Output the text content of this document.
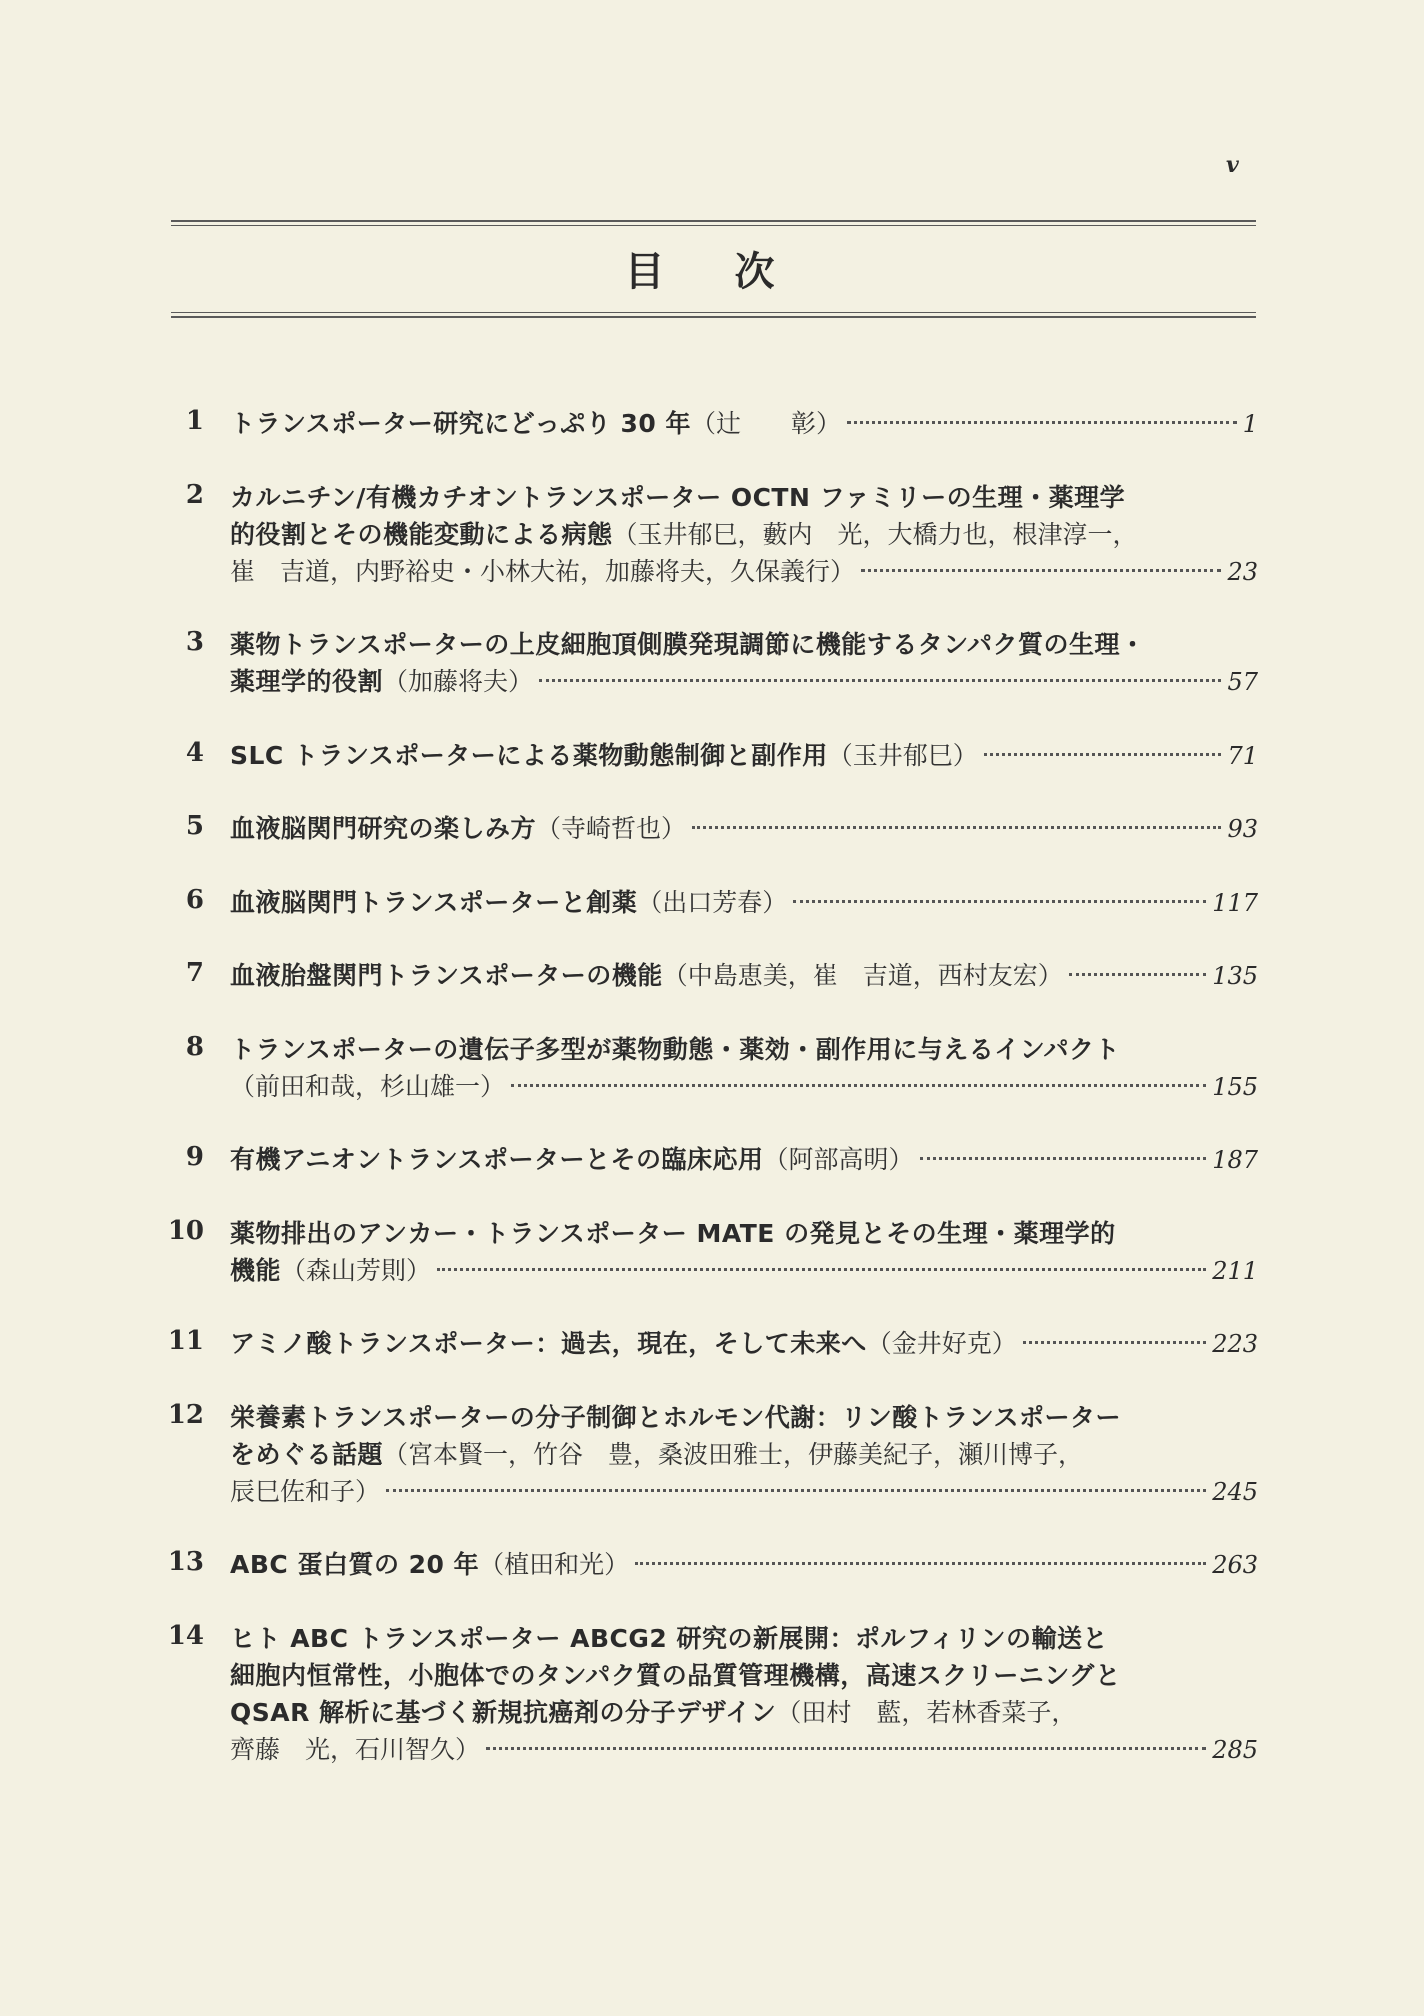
v
目 次
1 トランスポーター研究にどっぷり 30 年 （辻　　彰）	1
2 カルニチン/有機カチオントランスポーター OCTN ファミリーの生理・薬理学
的役割とその機能変動による病態（玉井郁巳，藪内　光，大橋力也，根津淳一，
崔　吉道，内野裕史・小林大祐，加藤将夫，久保義行）	23
3 薬物トランスポーターの上皮細胞頂側膜発現調節に機能するタンパク質の生理・
薬理学的役割 （加藤将夫）	57
4 SLC トランスポーターによる薬物動態制御と副作用 （玉井郁巳）	71
5 血液脳関門研究の楽しみ方 （寺崎哲也）	93
6 血液脳関門トランスポーターと創薬 （出口芳春）	117
7 血液胎盤関門トランスポーターの機能 （中島恵美，崔　吉道，西村友宏）	135
8 トランスポーターの遺伝子多型が薬物動態・薬効・副作用に与えるインパクト
（前田和哉，杉山雄一）	155
9 有機アニオントランスポーターとその臨床応用 （阿部高明）	187
10 薬物排出のアンカー・トランスポーター MATE の発見とその生理・薬理学的
機能 （森山芳則）	211
11 アミノ酸トランスポーター：過去，現在，そして未来へ （金井好克）	223
12 栄養素トランスポーターの分子制御とホルモン代謝：リン酸トランスポーター
をめぐる話題（宮本賢一，竹谷　豊，桑波田雅士，伊藤美紀子，瀬川博子，
辰巳佐和子）	245
13 ABC 蛋白質の 20 年 （植田和光）	263
14 ヒト ABC トランスポーター ABCG2 研究の新展開：ポルフィリンの輸送と
細胞内恒常性，小胞体でのタンパク質の品質管理機構，高速スクリーニングと
QSAR 解析に基づく新規抗癌剤の分子デザイン（田村　藍，若林香菜子，
齊藤　光，石川智久）	285
